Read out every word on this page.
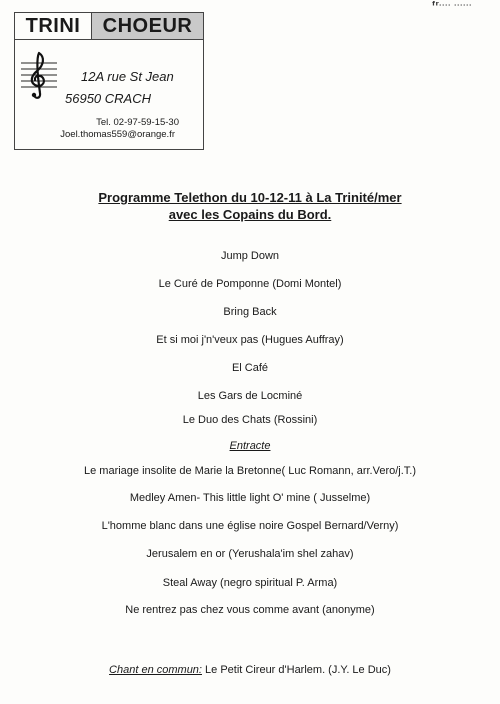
fr.... ......
TRINI	CHOEUR
12A rue St Jean
56950 CRACH
Tel. 02-97-59-15-30
Joel.thomas559@orange.fr
Programme Telethon du 10-12-11 à La Trinité/mer
avec les Copains du Bord.
Jump Down
Le Curé de Pomponne (Domi Montel)
Bring Back
Et si moi j'n'veux pas (Hugues Auffray)
El Café
Les Gars de Locminé
Le Duo des Chats (Rossini)
Entracte
Le mariage insolite de Marie la Bretonne( Luc Romann, arr.Vero/j.T.)
Medley Amen- This little light O' mine ( Jusselme)
L'homme blanc dans une église noire Gospel Bernard/Verny)
Jerusalem en or (Yerushala'im shel zahav)
Steal Away (negro spiritual P. Arma)
Ne rentrez pas chez vous comme avant (anonyme)
Chant en commun: Le Petit Cireur d'Harlem. (J.Y. Le Duc)
